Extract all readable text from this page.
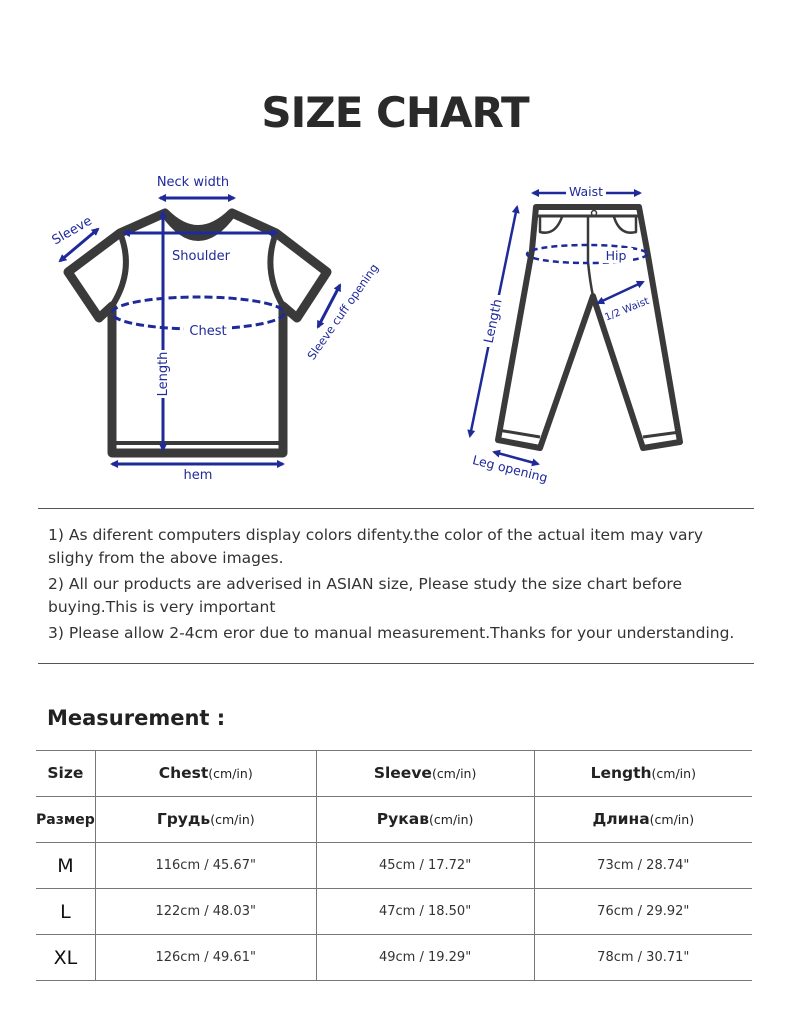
SIZE CHART
Neck width
Sleeve
Shoulder
Chest
Length
Sleeve cuff opening
hem
Waist
Hip
1/2 Waist
Length
Leg opening

1) As diferent computers display colors difenty.the color of the actual item may vary slighy from the above images.

2) All our products are adverised in ASIAN size, Please study the size chart before buying.This is very important

3) Please allow 2-4cm eror due to manual measurement.Thanks for your understanding.

Measurement :
Size	Chest(cm/in)	Sleeve(cm/in)	Length(cm/in)
Размер	Грудь(cm/in)	Рукав(cm/in)	Длина(cm/in)
M	116cm / 45.67"	45cm / 17.72"	73cm / 28.74"
L	122cm / 48.03"	47cm / 18.50"	76cm / 29.92"
XL	126cm / 49.61"	49cm / 19.29"	78cm / 30.71"
